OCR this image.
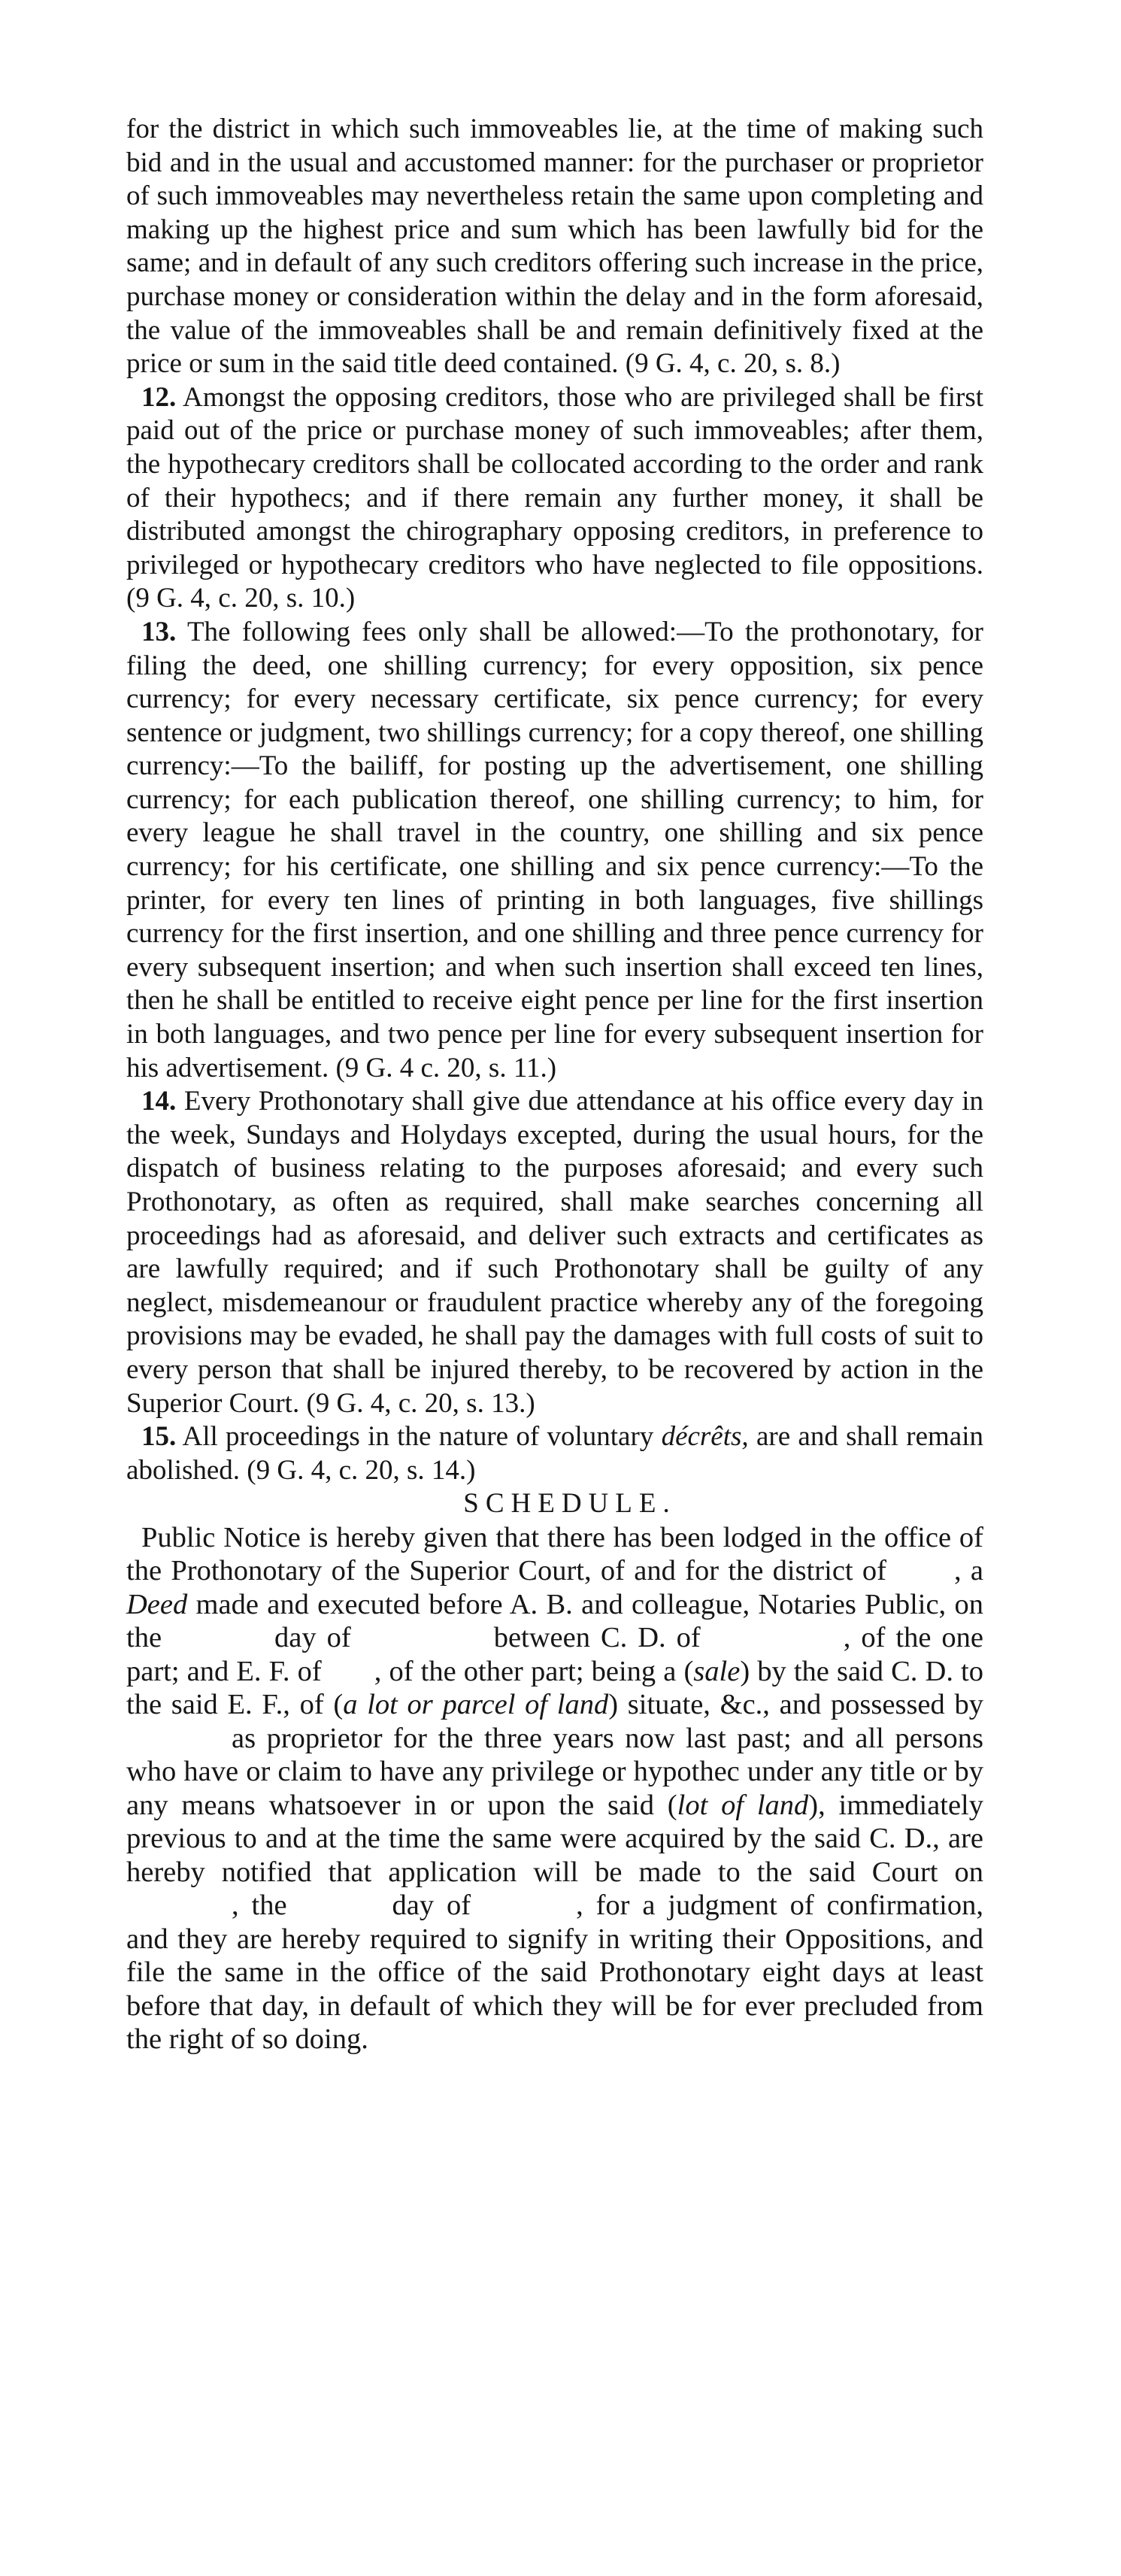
for the district in which such immoveables lie, at the time of making such bid and in the usual and accustomed manner: for the purchaser or proprietor of such immoveables may nevertheless retain the same upon completing and making up the highest price and sum which has been lawfully bid for the same; and in default of any such creditors offering such increase in the price, purchase money or consideration within the delay and in the form aforesaid, the value of the immoveables shall be and remain definitively fixed at the price or sum in the said title deed contained. (9 G. 4, c. 20, s. 8.)

12. Amongst the opposing creditors, those who are privileged shall be first paid out of the price or purchase money of such immoveables; after them, the hypothecary creditors shall be collocated according to the order and rank of their hypothecs; and if there remain any further money, it shall be distributed amongst the chirographary opposing creditors, in preference to privileged or hypothecary creditors who have neglected to file oppositions. (9 G. 4, c. 20, s. 10.)

13. The following fees only shall be allowed:—To the prothonotary, for filing the deed, one shilling currency; for every opposition, six pence currency; for every necessary certificate, six pence currency; for every sentence or judgment, two shillings currency; for a copy thereof, one shilling currency:—To the bailiff, for posting up the advertisement, one shilling currency; for each publication thereof, one shilling currency; to him, for every league he shall travel in the country, one shilling and six pence currency; for his certificate, one shilling and six pence currency:—To the printer, for every ten lines of printing in both languages, five shillings currency for the first insertion, and one shilling and three pence currency for every subsequent insertion; and when such insertion shall exceed ten lines, then he shall be entitled to receive eight pence per line for the first insertion in both languages, and two pence per line for every subsequent insertion for his advertisement. (9 G. 4 c. 20, s. 11.)

14. Every Prothonotary shall give due attendance at his office every day in the week, Sundays and Holydays excepted, during the usual hours, for the dispatch of business relating to the purposes aforesaid; and every such Prothonotary, as often as required, shall make searches concerning all proceedings had as aforesaid, and deliver such extracts and certificates as are lawfully required; and if such Prothonotary shall be guilty of any neglect, misdemeanour or fraudulent practice whereby any of the foregoing provisions may be evaded, he shall pay the damages with full costs of suit to every person that shall be injured thereby, to be recovered by action in the Superior Court. (9 G. 4, c. 20, s. 13.)

15. All proceedings in the nature of voluntary décrêts, are and shall remain abolished. (9 G. 4, c. 20, s. 14.)

SCHEDULE.

Public Notice is hereby given that there has been lodged in the office of the Prothonotary of the Superior Court, of and for the district of , a Deed made and executed before A. B. and colleague, Notaries Public, on the	day of	between C. D. of	, of the one part; and E. F. of , of the other part; being a (sale) by the said C. D. to the said E. F., of (a lot or parcel of land) situate, &c., and possessed byas proprietor for the three years now last past; and all persons who have or claim to have any privilege or hypothec under any title or by any means whatsoever in or upon the said (lot of land), immediately previous to and at the time the same were acquired by the said C. D., are hereby notified that application will be made to the said Court on, the	day of	, for a judgment of confirmation, and they are hereby required to signify in writing their Oppositions, and file the same in the office of the said Prothonotary eight days at least before that day, in default of which they will be for ever precluded from the right of so doing.
